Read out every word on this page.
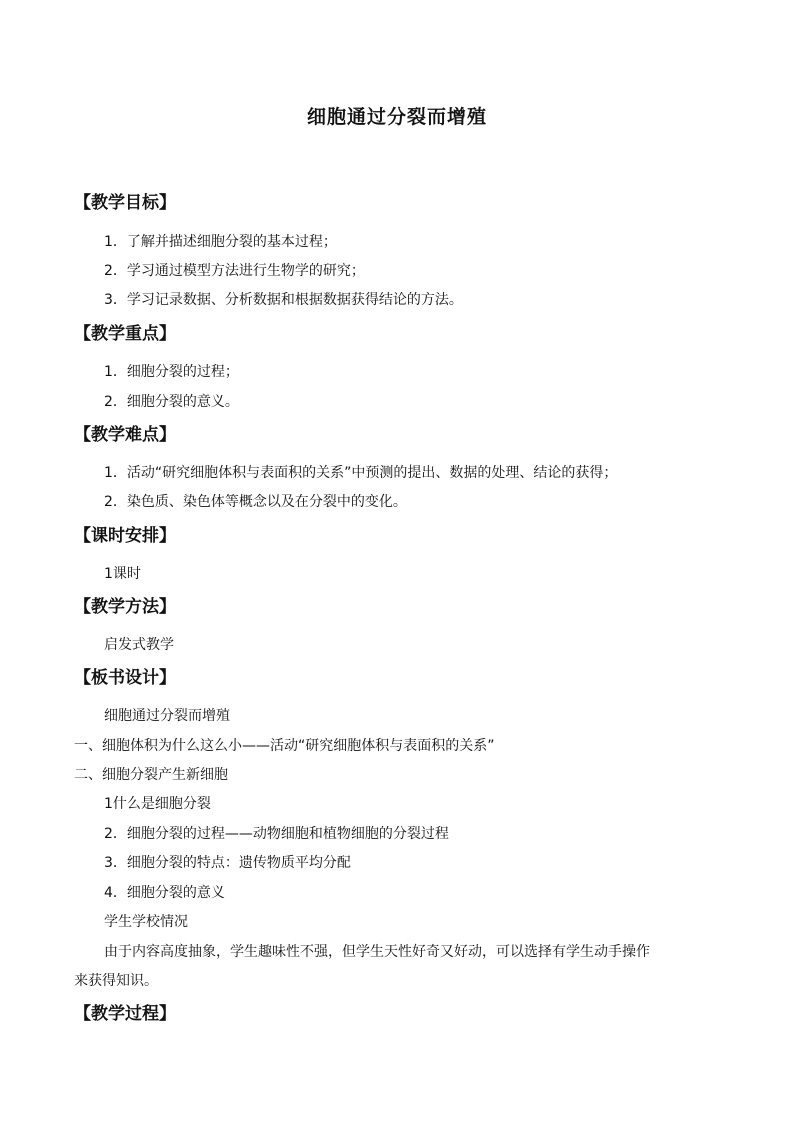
细胞通过分裂而增殖
【教学目标】
1．了解并描述细胞分裂的基本过程；
2．学习通过模型方法进行生物学的研究；
3．学习记录数据、分析数据和根据数据获得结论的方法。
【教学重点】
1．细胞分裂的过程；
2．细胞分裂的意义。
【教学难点】
1．活动“研究细胞体积与表面积的关系”中预测的提出、数据的处理、结论的获得；
2．染色质、染色体等概念以及在分裂中的变化。
【课时安排】
1课时
【教学方法】
启发式教学
【板书设计】
细胞通过分裂而增殖
一、细胞体积为什么这么小——活动“研究细胞体积与表面积的关系”
二、细胞分裂产生新细胞
1什么是细胞分裂
2．细胞分裂的过程——动物细胞和植物细胞的分裂过程
3．细胞分裂的特点：遗传物质平均分配
4．细胞分裂的意义
学生学校情况
由于内容高度抽象，学生趣味性不强，但学生天性好奇又好动，可以选择有学生动手操作
来获得知识。
【教学过程】
